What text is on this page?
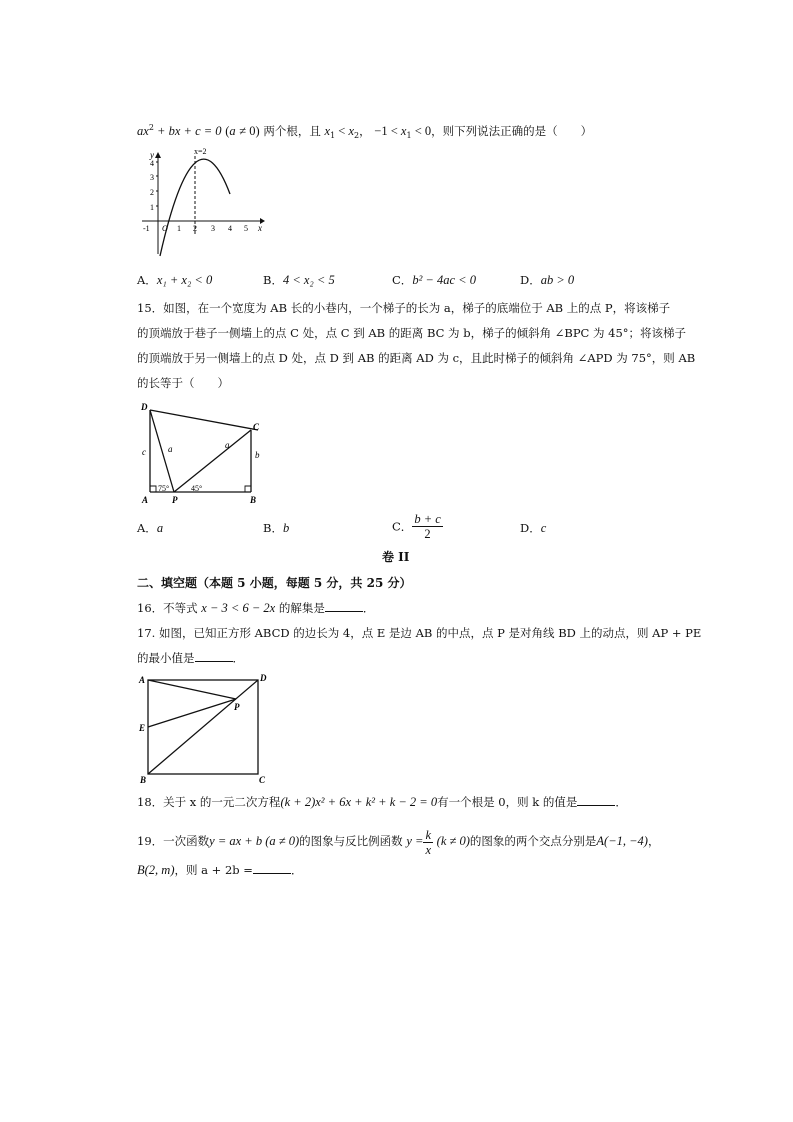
$ax^2$ + bx + c = 0 (a ≠ 0) 两个根，且 $x_1 < x_2$， $-1 < x_1 < 0$，则下列说法正确的是（　　）
x
y	x=2
O
-1	1 2 3 4 5
4
3
2
1
A．x₁ + x₂ < 0	B．4 < x₂ < 5	C．b² − 4ac < 0	D．ab > 0
15．如图，在一个宽度为 AB 长的小巷内，一个梯子的长为 a，梯子的底端位于 AB 上的点 P，将该梯子
的顶端放于巷子一侧墙上的点 C 处，点 C 到 AB 的距离 BC 为 b，梯子的倾斜角 ∠BPC 为 45°；将该梯子
的顶端放于另一侧墙上的点 D 处，点 D 到 AB 的距离 AD 为 c，且此时梯子的倾斜角 ∠APD 为 75°，则 AB
的长等于（　　）
D
C
A	B
P
a	a
c	b
75°	45°
A．a	B．b	C． $\frac{b + c}{2}$	D．c
卷 II
二、填空题（本题 5 小题，每题 5 分，共 25 分）
16．不等式 x − 3 < 6 − 2x 的解集是	．
17. 如图，已知正方形 ABCD 的边长为 4，点 E 是边 AB 的中点，点 P 是对角线 BD 上的动点，则 AP + PE
的最小值是	．
A	D
E
P
B	C
18．关于 x 的一元二次方程(k + 2)x² + 6x + k² + k − 2 = 0有一个根是 0，则 k 的值是	．
19．一次函数y = ax + b (a ≠ 0)的图象与反比例函数 $y = \frac{k}{x} (k \ne 0)$的图象的两个交点分别是A(−1, −4)，
B(2, m)，则 a + 2b =	．
